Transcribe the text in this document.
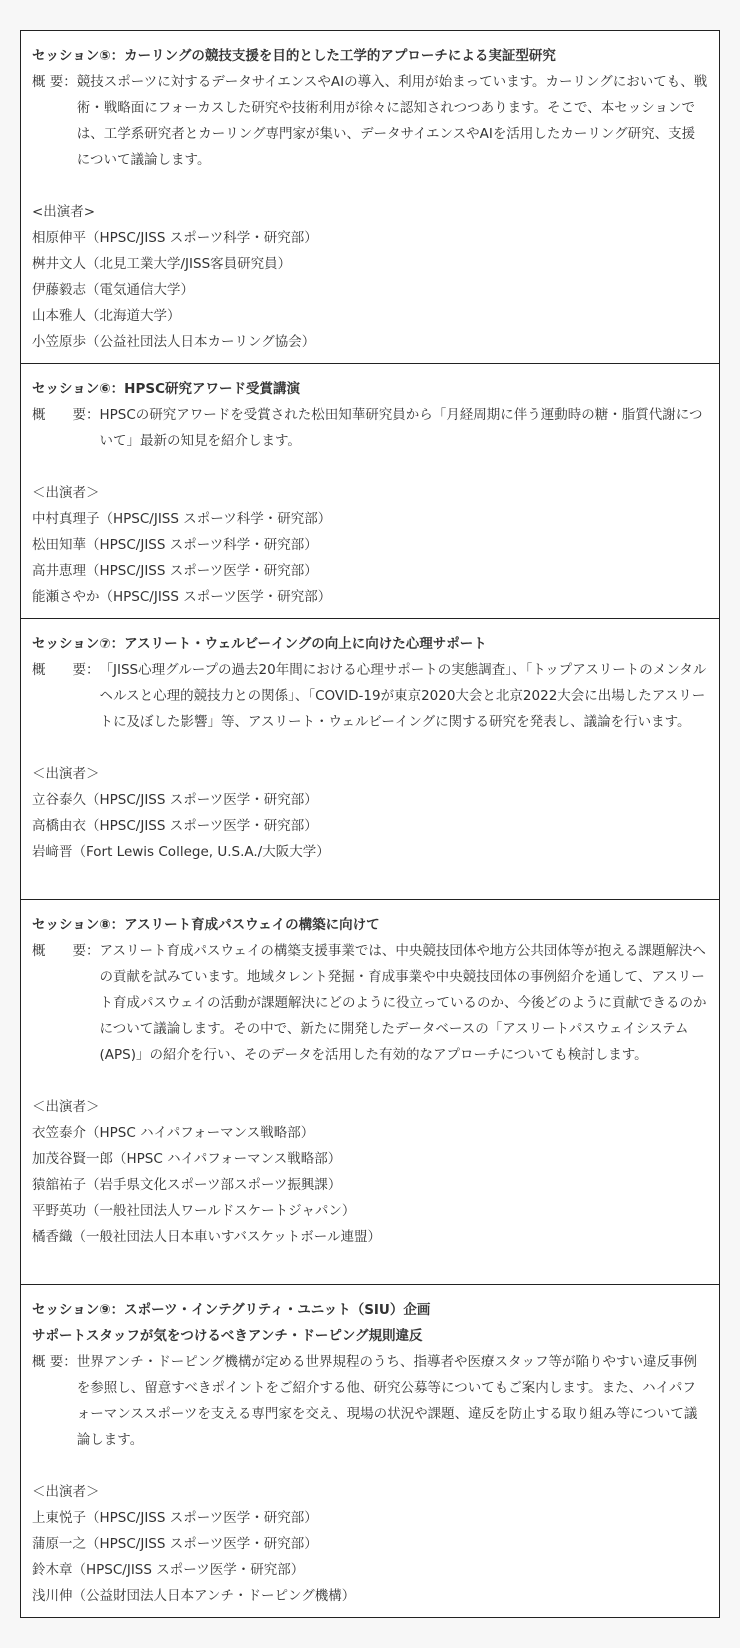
セッション⑤：カーリングの競技支援を目的とした工学的アプローチによる実証型研究
概 要： 競技スポーツに対するデータサイエンスやAIの導入、利用が始まっています。カーリングにおいても、戦術・戦略面にフォーカスした研究や技術利用が徐々に認知されつつあります。そこで、本セッションでは、工学系研究者とカーリング専門家が集い、データサイエンスやAIを活用したカーリング研究、支援について議論します。
<出演者>
相原伸平（HPSC/JISS スポーツ科学・研究部）
桝井文人（北見工業大学/JISS客員研究員）
伊藤毅志（電気通信大学）
山本雅人（北海道大学）
小笠原歩（公益社団法人日本カーリング協会）
セッション⑥：HPSC研究アワード受賞講演
概　　要： HPSCの研究アワードを受賞された松田知華研究員から「月経周期に伴う運動時の糖・脂質代謝について」最新の知見を紹介します。
＜出演者＞
中村真理子（HPSC/JISS スポーツ科学・研究部）
松田知華（HPSC/JISS スポーツ科学・研究部）
高井恵理（HPSC/JISS スポーツ医学・研究部）
能瀬さやか（HPSC/JISS スポーツ医学・研究部）
セッション⑦：アスリート・ウェルビーイングの向上に向けた心理サポート
概　　要： 「JISS心理グループの過去20年間における心理サポートの実態調査」、「トップアスリートのメンタルヘルスと心理的競技力との関係」、「COVID-19が東京2020大会と北京2022大会に出場したアスリートに及ぼした影響」等、アスリート・ウェルビーイングに関する研究を発表し、議論を行います。
＜出演者＞
立谷泰久（HPSC/JISS スポーツ医学・研究部）
高橋由衣（HPSC/JISS スポーツ医学・研究部）
岩﨑晋（Fort Lewis College, U.S.A./大阪大学）
セッション⑧：アスリート育成パスウェイの構築に向けて
概　　要： アスリート育成パスウェイの構築支援事業では、中央競技団体や地方公共団体等が抱える課題解決への貢献を試みています。地域タレント発掘・育成事業や中央競技団体の事例紹介を通して、アスリート育成パスウェイの活動が課題解決にどのように役立っているのか、今後どのように貢献できるのかについて議論します。その中で、新たに開発したデータベースの「アスリートパスウェイシステム(APS)」の紹介を行い、そのデータを活用した有効的なアプローチについても検討します。
＜出演者＞
衣笠泰介（HPSC ハイパフォーマンス戦略部）
加茂谷賢一郎（HPSC ハイパフォーマンス戦略部）
猿舘祐子（岩手県文化スポーツ部スポーツ振興課）
平野英功（一般社団法人ワールドスケートジャパン）
橘香織（一般社団法人日本車いすバスケットボール連盟）
セッション⑨：スポーツ・インテグリティ・ユニット（SIU）企画
サポートスタッフが気をつけるべきアンチ・ドーピング規則違反
概 要： 世界アンチ・ドーピング機構が定める世界規程のうち、指導者や医療スタッフ等が陥りやすい違反事例を参照し、留意すべきポイントをご紹介する他、研究公募等についてもご案内します。また、ハイパフォーマンススポーツを支える専門家を交え、現場の状況や課題、違反を防止する取り組み等について議論します。
＜出演者＞
上東悦子（HPSC/JISS スポーツ医学・研究部）
蒲原一之（HPSC/JISS スポーツ医学・研究部）
鈴木章（HPSC/JISS スポーツ医学・研究部）
浅川伸（公益財団法人日本アンチ・ドーピング機構）
